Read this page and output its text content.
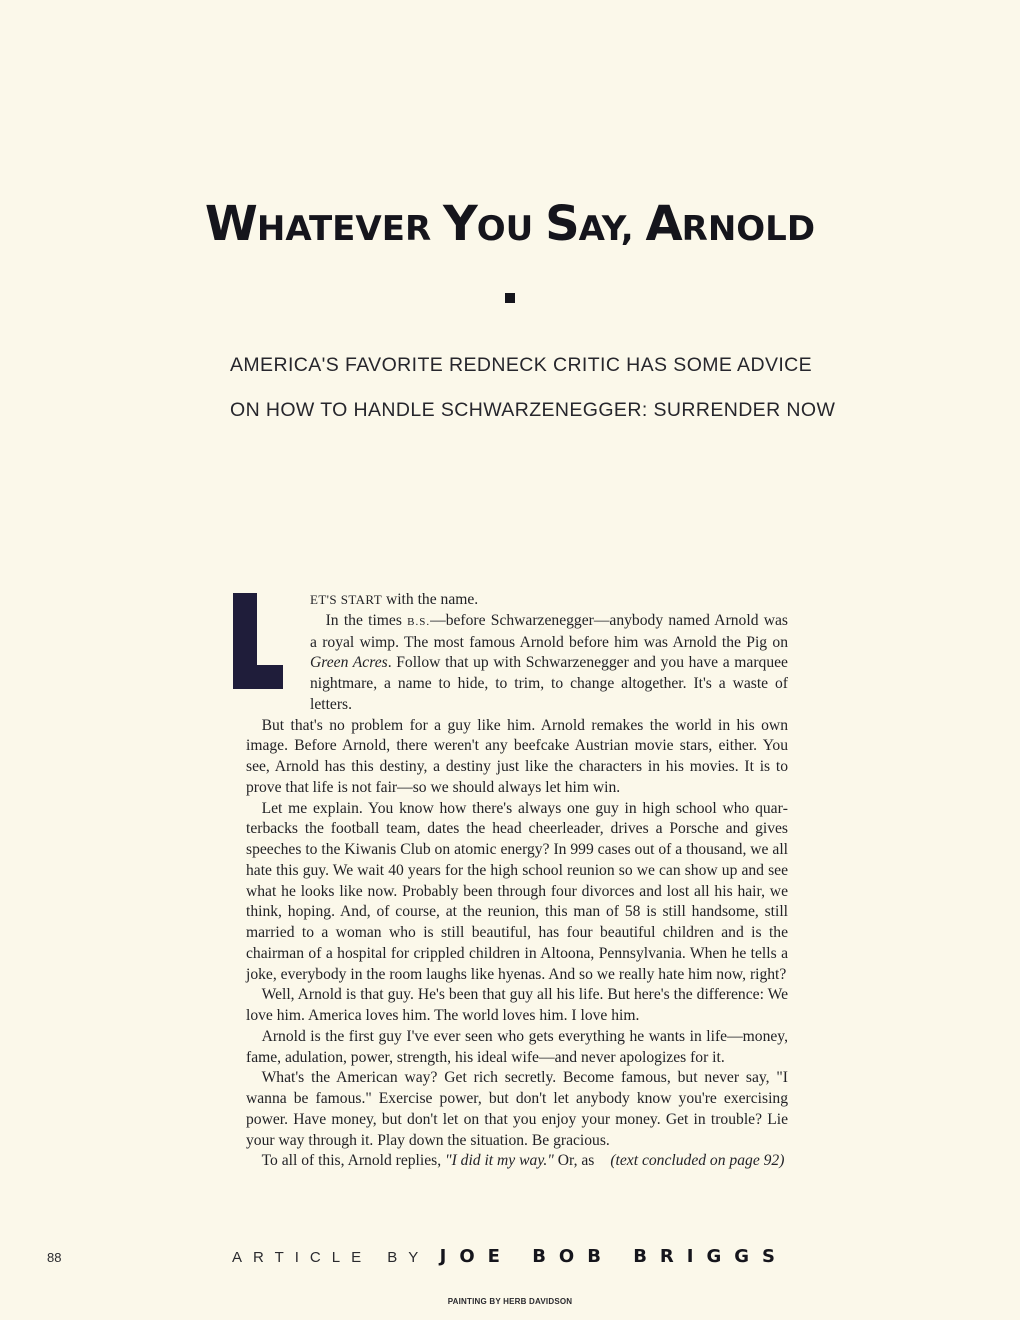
WHATEVER YOU SAY, ARNOLD

AMERICA'S FAVORITE REDNECK CRITIC HAS SOME ADVICE

ON HOW TO HANDLE SCHWARZENEGGER: SURRENDER NOW

ET'S START with the name.

In the times B.S.—before Schwarzenegger—anybody named Arnold was a royal wimp. The most famous Arnold before him was Arnold the Pig on Green Acres. Follow that up with Schwarzenegger and you have a marquee nightmare, a name to hide, to trim, to change altogether. It's a waste of letters.

But that's no problem for a guy like him. Arnold remakes the world in his own image. Before Arnold, there weren't any beefcake Austrian movie stars, either. You see, Arnold has this destiny, a destiny just like the characters in his movies. It is to prove that life is not fair—so we should always let him win.

Let me explain. You know how there's always one guy in high school who quarterbacks the football team, dates the head cheerleader, drives a Porsche and gives speeches to the Kiwanis Club on atomic energy? In 999 cases out of a thousand, we all hate this guy. We wait 40 years for the high school reunion so we can show up and see what he looks like now. Probably been through four divorces and lost all his hair, we think, hoping. And, of course, at the reunion, this man of 58 is still handsome, still married to a woman who is still beautiful, has four beautiful children and is the chairman of a hospital for crippled children in Altoona, Pennsylvania. When he tells a joke, everybody in the room laughs like hyenas. And so we really hate him now, right?

Well, Arnold is that guy. He's been that guy all his life. But here's the difference: We love him. America loves him. The world loves him. I love him.

Arnold is the first guy I've ever seen who gets everything he wants in life—money, fame, adulation, power, strength, his ideal wife—and never apologizes for it.

What's the American way? Get rich secretly. Become famous, but never say, "I wanna be famous." Exercise power, but don't let anybody know you're exercising power. Have money, but don't let on that you enjoy your money. Get in trouble? Lie your way through it. Play down the situation. Be gracious.

To all of this, Arnold replies, "I did it my way." Or, as (text concluded on page 92)

88	ARTICLE BY JOE BOB BRIGGS
PAINTING BY HERB DAVIDSON
